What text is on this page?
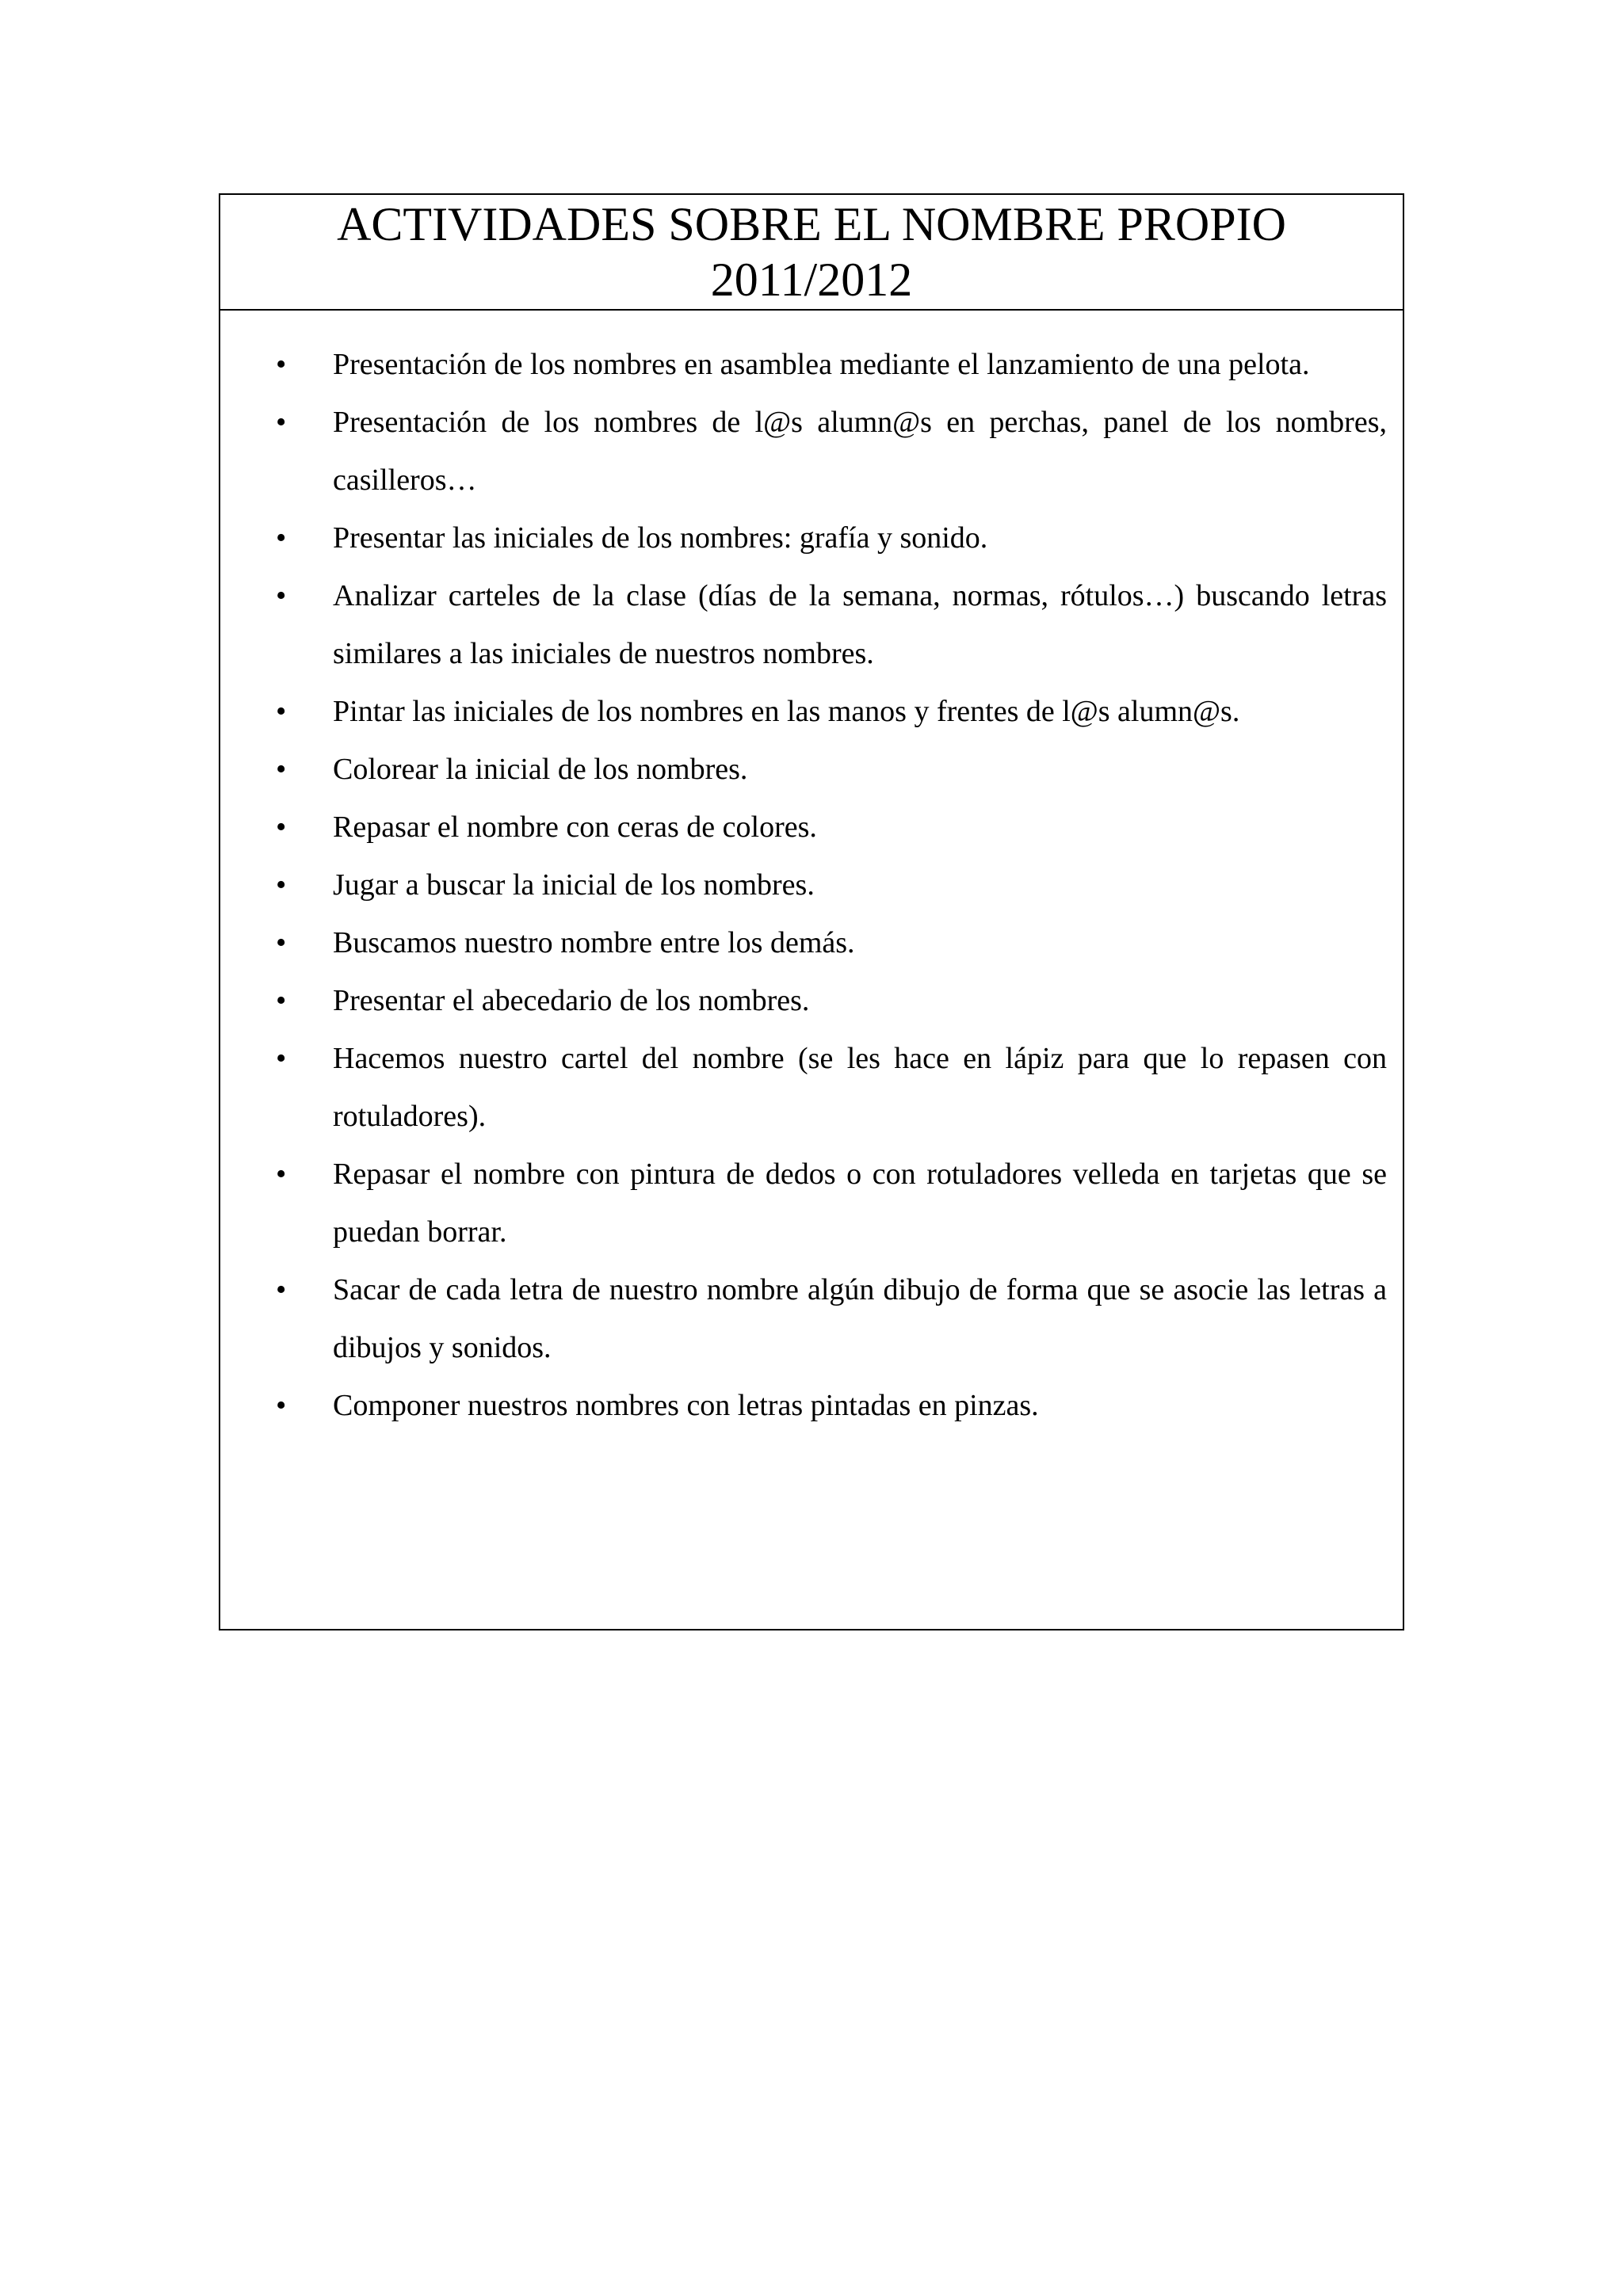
ACTIVIDADES SOBRE EL NOMBRE PROPIO
2011/2012
• Presentación de los nombres en asamblea mediante el lanzamiento de una pelota.
• Presentación de los nombres de l@s alumn@s en perchas, panel de los nombres, casilleros…
• Presentar las iniciales de los nombres: grafía y sonido.
• Analizar carteles de la clase (días de la semana, normas, rótulos…) buscando letras similares a las iniciales de nuestros nombres.
• Pintar las iniciales de los nombres en las manos y frentes de l@s alumn@s.
• Colorear la inicial de los nombres.
• Repasar el nombre con ceras de colores.
• Jugar a buscar la inicial de los nombres.
• Buscamos nuestro nombre entre los demás.
• Presentar el abecedario de los nombres.
• Hacemos nuestro cartel del nombre (se les hace en lápiz para que lo repasen con rotuladores).
• Repasar el nombre con pintura de dedos o con rotuladores velleda en tarjetas que se puedan borrar.
• Sacar de cada letra de nuestro nombre algún dibujo de forma que se asocie las letras a dibujos y sonidos.
• Componer nuestros nombres con letras pintadas en pinzas.
